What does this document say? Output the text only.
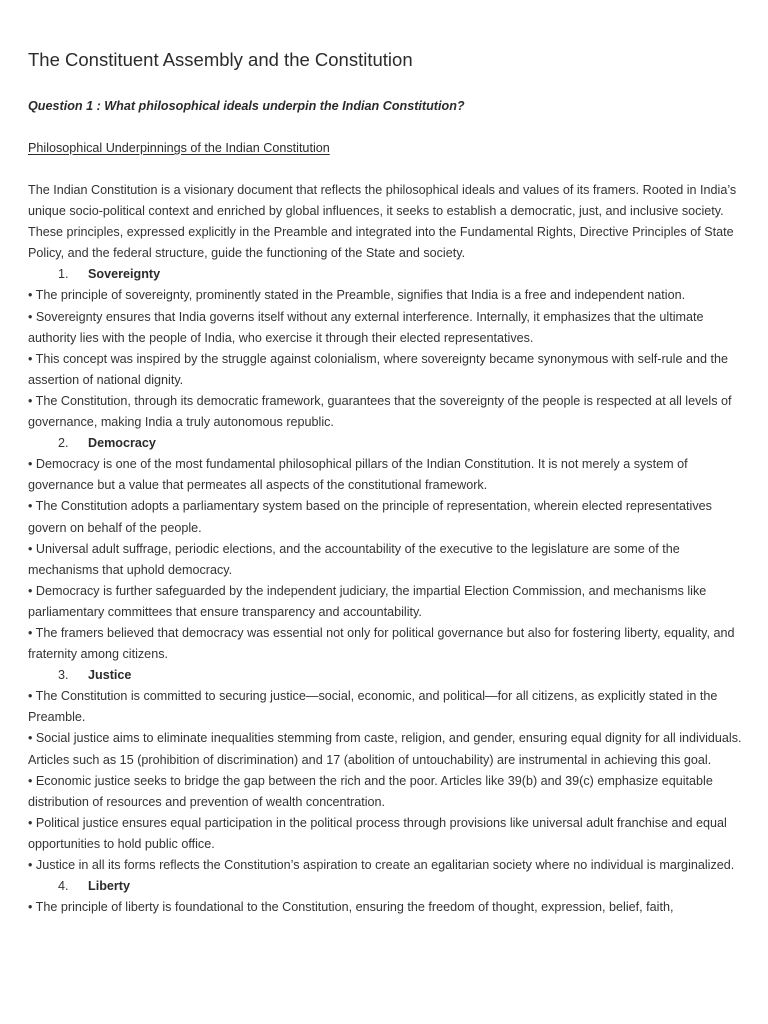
The Constituent Assembly and the Constitution

Question 1 : What philosophical ideals underpin the Indian Constitution?

Philosophical Underpinnings of the Indian Constitution

The Indian Constitution is a visionary document that reflects the philosophical ideals and values of its framers. Rooted in India’s unique socio-political context and enriched by global influences, it seeks to establish a democratic, just, and inclusive society. These principles, expressed explicitly in the Preamble and integrated into the Fundamental Rights, Directive Principles of State Policy, and the federal structure, guide the functioning of the State and society.

1. Sovereignty

• The principle of sovereignty, prominently stated in the Preamble, signifies that India is a free and independent nation.

• Sovereignty ensures that India governs itself without any external interference. Internally, it emphasizes that the ultimate authority lies with the people of India, who exercise it through their elected representatives.

• This concept was inspired by the struggle against colonialism, where sovereignty became synonymous with self-rule and the assertion of national dignity.

• The Constitution, through its democratic framework, guarantees that the sovereignty of the people is respected at all levels of governance, making India a truly autonomous republic.

2. Democracy

• Democracy is one of the most fundamental philosophical pillars of the Indian Constitution. It is not merely a system of governance but a value that permeates all aspects of the constitutional framework.

• The Constitution adopts a parliamentary system based on the principle of representation, wherein elected representatives govern on behalf of the people.

• Universal adult suffrage, periodic elections, and the accountability of the executive to the legislature are some of the mechanisms that uphold democracy.

• Democracy is further safeguarded by the independent judiciary, the impartial Election Commission, and mechanisms like parliamentary committees that ensure transparency and accountability.

• The framers believed that democracy was essential not only for political governance but also for fostering liberty, equality, and fraternity among citizens.

3. Justice

• The Constitution is committed to securing justice—social, economic, and political—for all citizens, as explicitly stated in the Preamble.

• Social justice aims to eliminate inequalities stemming from caste, religion, and gender, ensuring equal dignity for all individuals. Articles such as 15 (prohibition of discrimination) and 17 (abolition of untouchability) are instrumental in achieving this goal.

• Economic justice seeks to bridge the gap between the rich and the poor. Articles like 39(b) and 39(c) emphasize equitable distribution of resources and prevention of wealth concentration.

• Political justice ensures equal participation in the political process through provisions like universal adult franchise and equal opportunities to hold public office.

• Justice in all its forms reflects the Constitution’s aspiration to create an egalitarian society where no individual is marginalized.

4. Liberty

• The principle of liberty is foundational to the Constitution, ensuring the freedom of thought, expression, belief, faith,
